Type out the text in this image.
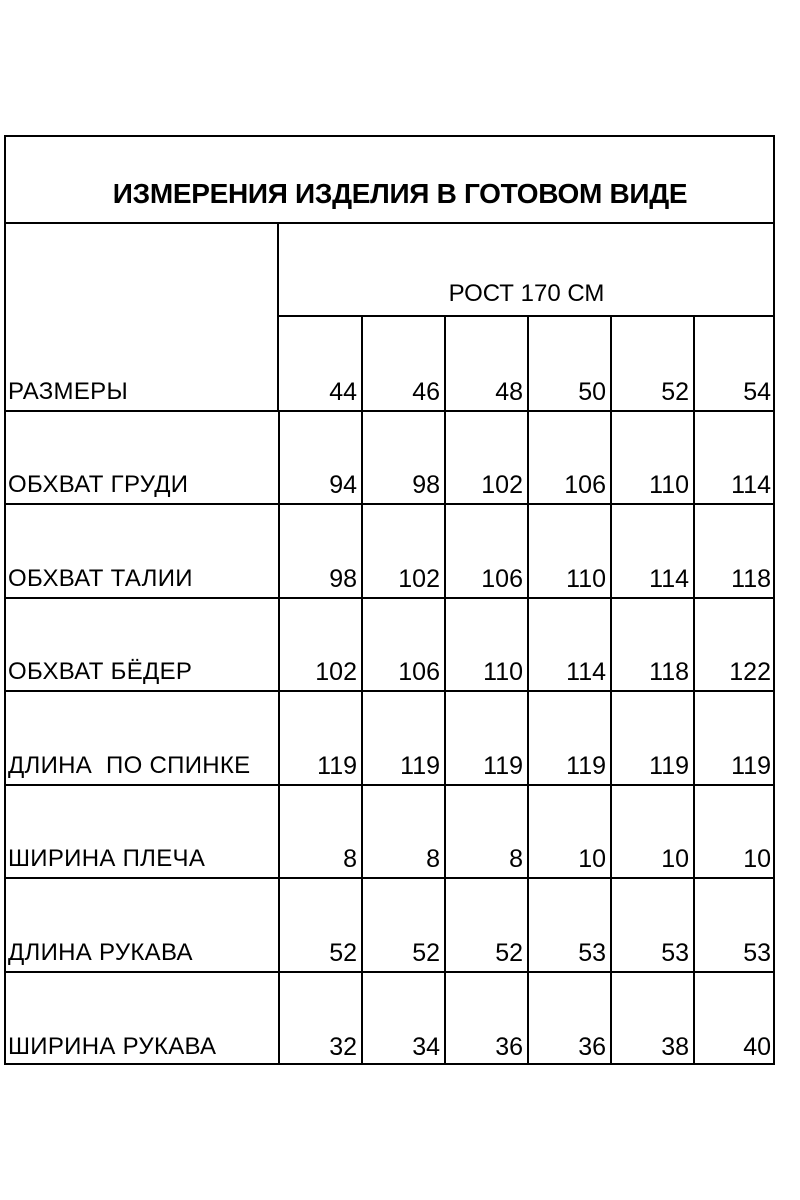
ИЗМЕРЕНИЯ ИЗДЕЛИЯ В ГОТОВОМ ВИДЕ
РОСТ 170 СМ
РАЗМЕРЫ	44	46	48	50	52	54
ОБХВАТ ГРУДИ	94	98	102	106	110	114
ОБХВАТ ТАЛИИ	98	102	106	110	114	118
ОБХВАТ БЁДЕР	102	106	110	114	118	122
ДЛИНА  ПО СПИНКЕ	119	119	119	119	119	119
ШИРИНА ПЛЕЧА	8	8	8	10	10	10
ДЛИНА РУКАВА	52	52	52	53	53	53
ШИРИНА РУКАВА	32	34	36	36	38	40
